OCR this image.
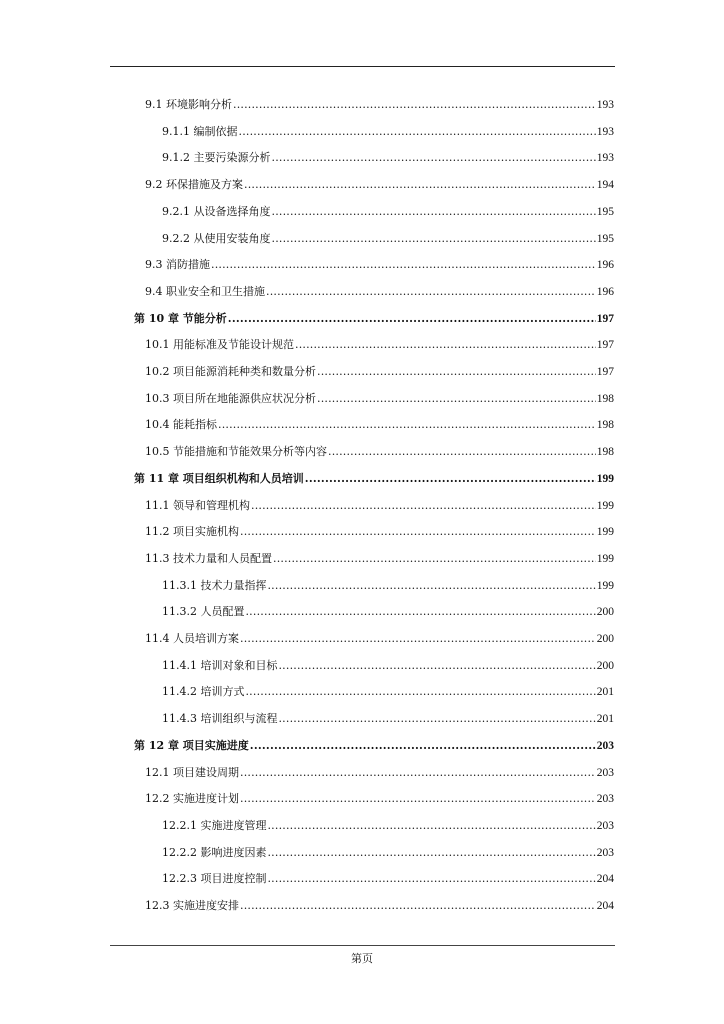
9.1 环境影响分析 .....	193
9.1.1 编制依据 .....	193
9.1.2 主要污染源分析 .....	193
9.2 环保措施及方案 .....	194
9.2.1 从设备选择角度 .....	195
9.2.2 从使用安装角度 .....	195
9.3 消防措施 .....	196
9.4 职业安全和卫生措施 .....	196
第 10 章 节能分析 .....	197
10.1 用能标准及节能设计规范 .....	197
10.2 项目能源消耗种类和数量分析 .....	197
10.3 项目所在地能源供应状况分析 .....	198
10.4 能耗指标 .....	198
10.5 节能措施和节能效果分析等内容 .....	198
第 11 章 项目组织机构和人员培训 .....	199
11.1 领导和管理机构 .....	199
11.2 项目实施机构 .....	199
11.3 技术力量和人员配置 .....	199
11.3.1 技术力量指挥 .....	199
11.3.2 人员配置 .....	200
11.4 人员培训方案 .....	200
11.4.1 培训对象和目标 .....	200
11.4.2 培训方式 .....	201
11.4.3 培训组织与流程 .....	201
第 12 章 项目实施进度 .....	203
12.1 项目建设周期 .....	203
12.2 实施进度计划 .....	203
12.2.1 实施进度管理 .....	203
12.2.2 影响进度因素 .....	203
12.2.3 项目进度控制 .....	204
12.3 实施进度安排 .....	204
第页
